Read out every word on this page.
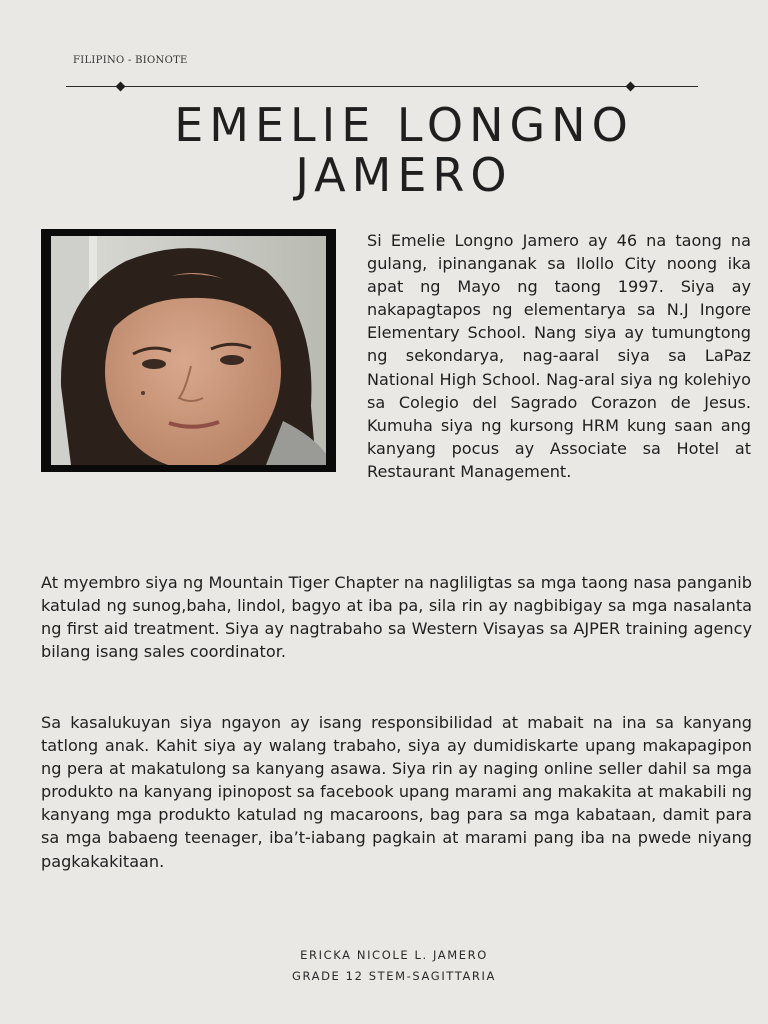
FILIPINO - BIONOTE
EMELIE LONGNO
JAMERO
Si Emelie Longno Jamero ay 46 na taong na gulang, ipinanganak sa Ilollo City noong ika apat ng Mayo ng taong 1997. Siya ay nakapagtapos ng elementarya sa N.J Ingore Elementary School. Nang siya ay tumungtong ng sekondarya, nag-aaral siya sa LaPaz National High School. Nag-aral siya ng kolehiyo sa Colegio del Sagrado Corazon de Jesus. Kumuha siya ng kursong HRM kung saan ang kanyang pocus ay Associate sa Hotel at Restaurant Management.
At myembro siya ng Mountain Tiger Chapter na nagliligtas sa mga taong nasa panganib katulad ng sunog,baha, lindol, bagyo at iba pa, sila rin ay nagbibigay sa mga nasalanta ng first aid treatment. Siya ay nagtrabaho sa Western Visayas sa AJPER training agency bilang isang sales coordinator.
Sa kasalukuyan siya ngayon ay isang responsibilidad at mabait na ina sa kanyang tatlong anak. Kahit siya ay walang trabaho, siya ay dumidiskarte upang makapagipon ng pera at makatulong sa kanyang asawa. Siya rin ay naging online seller dahil sa mga produkto na kanyang ipinopost sa facebook upang marami ang makakita at makabili ng kanyang mga produkto katulad ng macaroons, bag para sa mga kabataan, damit para sa mga babaeng teenager, iba’t-iabang pagkain at marami pang iba na pwede niyang pagkakakitaan.
ERICKA NICOLE L. JAMERO
GRADE 12 STEM-SAGITTARIA
